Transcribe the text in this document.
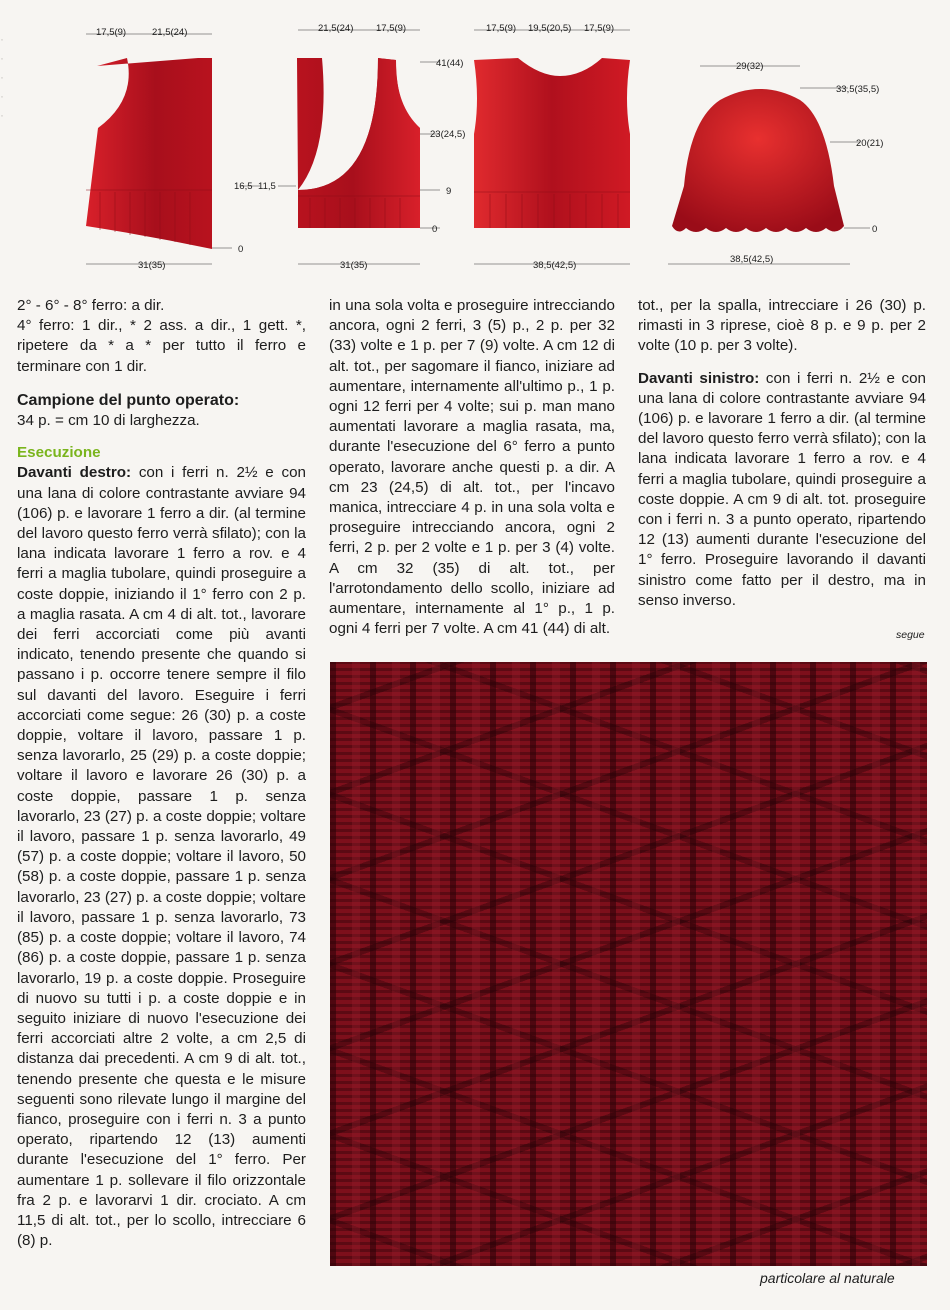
·
·
·
·
·
17,5(9)	21,5(24)
16,5
0
31(35)
21,5(24) 17,5(9)
41(44)
23(24,5)
11,5	9
0
31(35)
17,5(9) 19,5(20,5) 17,5(9)
38,5(42,5)
29(32)
33,5(35,5)
20(21)
0
38,5(42,5)

2° - 6° - 8° ferro: a dir.

4° ferro: 1 dir., * 2 ass. a dir., 1 gett. *, ripetere da * a * per tutto il ferro e terminare con 1 dir.

Campione del punto operato:

34 p. = cm 10 di larghezza.

Esecuzione

Davanti destro: con i ferri n. 2½ e con una lana di colore contrastante avviare 94 (106) p. e lavorare 1 ferro a dir. (al termine del lavoro questo ferro verrà sfilato); con la lana indicata lavorare 1 ferro a rov. e 4 ferri a maglia tubolare, quindi proseguire a coste doppie, iniziando il 1° ferro con 2 p. a maglia rasata. A cm 4 di alt. tot., lavorare dei ferri accorciati come più avanti indicato, tenendo presente che quando si passano i p. occorre tenere sempre il filo sul davanti del lavoro. Eseguire i ferri accorciati come segue: 26 (30) p. a coste doppie, voltare il lavoro, passare 1 p. senza lavorarlo, 25 (29) p. a coste doppie; voltare il lavoro e lavorare 26 (30) p. a coste doppie, passare 1 p. senza lavorarlo, 23 (27) p. a coste doppie; voltare il lavoro, passare 1 p. senza lavorarlo, 49 (57) p. a coste doppie; voltare il lavoro, 50 (58) p. a coste doppie, passare 1 p. senza lavorarlo, 23 (27) p. a coste doppie; voltare il lavoro, passare 1 p. senza lavorarlo, 73 (85) p. a coste doppie; voltare il lavoro, 74 (86) p. a coste doppie, passare 1 p. senza lavorarlo, 19 p. a coste doppie. Proseguire di nuovo su tutti i p. a coste doppie e in seguito iniziare di nuovo l'esecuzione dei ferri accorciati altre 2 volte, a cm 2,5 di distanza dai precedenti. A cm 9 di alt. tot., tenendo presente che questa e le misure seguenti sono rilevate lungo il margine del fianco, proseguire con i ferri n. 3 a punto operato, ripartendo 12 (13) aumenti durante l'esecuzione del 1° ferro. Per aumentare 1 p. sollevare il filo orizzontale fra 2 p. e lavorarvi 1 dir. crociato. A cm 11,5 di alt. tot., per lo scollo, intrecciare 6 (8) p.

in una sola volta e proseguire intrecciando ancora, ogni 2 ferri, 3 (5) p., 2 p. per 32 (33) volte e 1 p. per 7 (9) volte. A cm 12 di alt. tot., per sagomare il fianco, iniziare ad aumentare, internamente all'ultimo p., 1 p. ogni 12 ferri per 4 volte; sui p. man mano aumentati lavorare a maglia rasata, ma, durante l'esecuzione del 6° ferro a punto operato, lavorare anche questi p. a dir. A cm 23 (24,5) di alt. tot., per l'incavo manica, intrecciare 4 p. in una sola volta e proseguire intrecciando ancora, ogni 2 ferri, 2 p. per 2 volte e 1 p. per 3 (4) volte. A cm 32 (35) di alt. tot., per l'arrotondamento dello scollo, iniziare ad aumentare, internamente al 1° p., 1 p. ogni 4 ferri per 7 volte. A cm 41 (44) di alt.

tot., per la spalla, intrecciare i 26 (30) p. rimasti in 3 riprese, cioè 8 p. e 9 p. per 2 volte (10 p. per 3 volte).

Davanti sinistro: con i ferri n. 2½ e con una lana di colore contrastante avviare 94 (106) p. e lavorare 1 ferro a dir. (al termine del lavoro questo ferro verrà sfilato); con la lana indicata lavorare 1 ferro a rov. e 4 ferri a maglia tubolare, quindi proseguire a coste doppie. A cm 9 di alt. tot. proseguire con i ferri n. 3 a punto operato, ripartendo 12 (13) aumenti durante l'esecuzione del 1° ferro. Proseguire lavorando il davanti sinistro come fatto per il destro, ma in senso inverso.

segue
particolare al naturale
